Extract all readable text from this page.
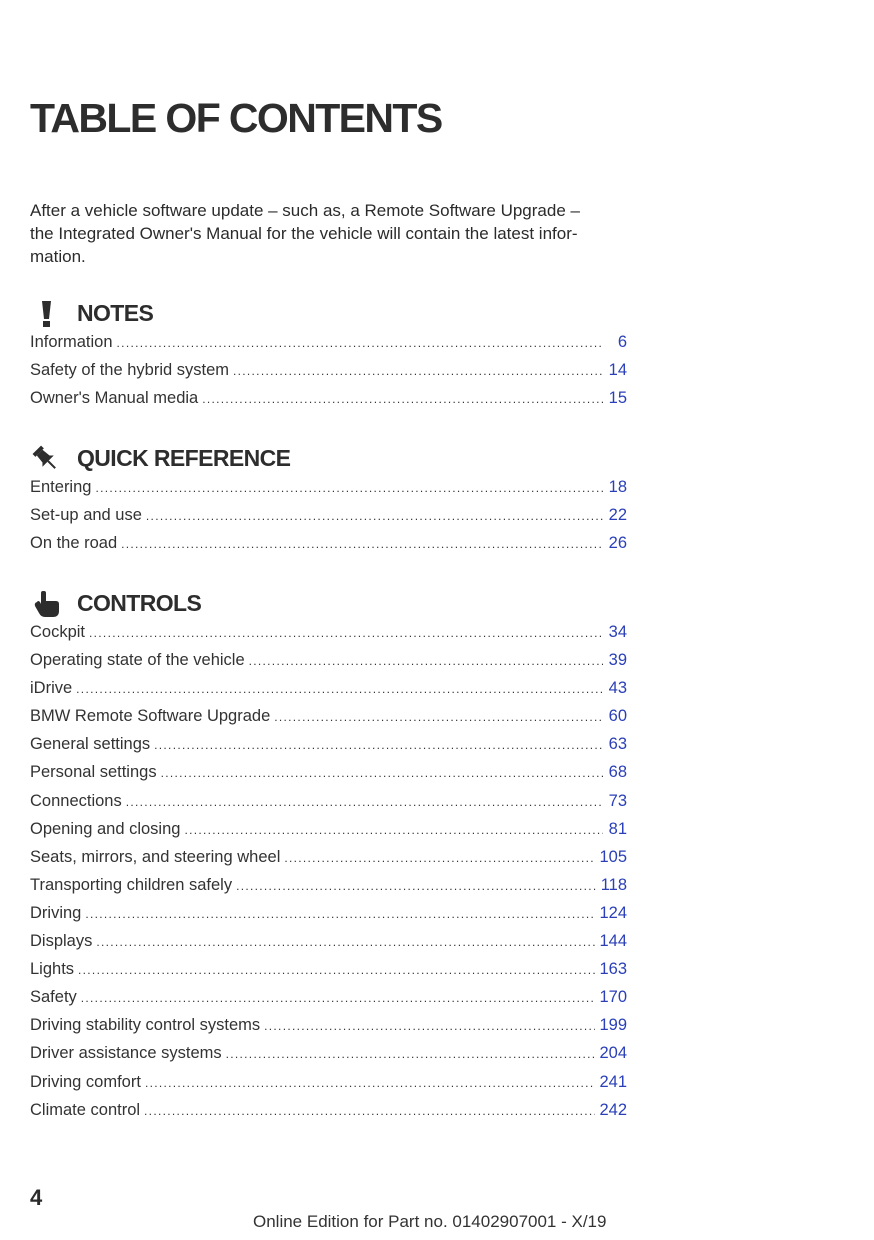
TABLE OF CONTENTS
After a vehicle software update – such as, a Remote Software Upgrade –
the Integrated Owner's Manual for the vehicle will contain the latest infor-
mation.
NOTES
Information .....	6
Safety of the hybrid system .....	14
Owner's Manual media .....	15
QUICK REFERENCE
Entering .....	18
Set-up and use .....	22
On the road .....	26
CONTROLS
Cockpit .....	34
Operating state of the vehicle .....	39
iDrive .....	43
BMW Remote Software Upgrade .....	60
General settings .....	63
Personal settings .....	68
Connections .....	73
Opening and closing .....	81
Seats, mirrors, and steering wheel .....	105
Transporting children safely .....	118
Driving .....	124
Displays .....	144
Lights .....	163
Safety .....	170
Driving stability control systems .....	199
Driver assistance systems .....	204
Driving comfort .....	241
Climate control .....	242
4
Online Edition for Part no. 01402907001 - X/19
